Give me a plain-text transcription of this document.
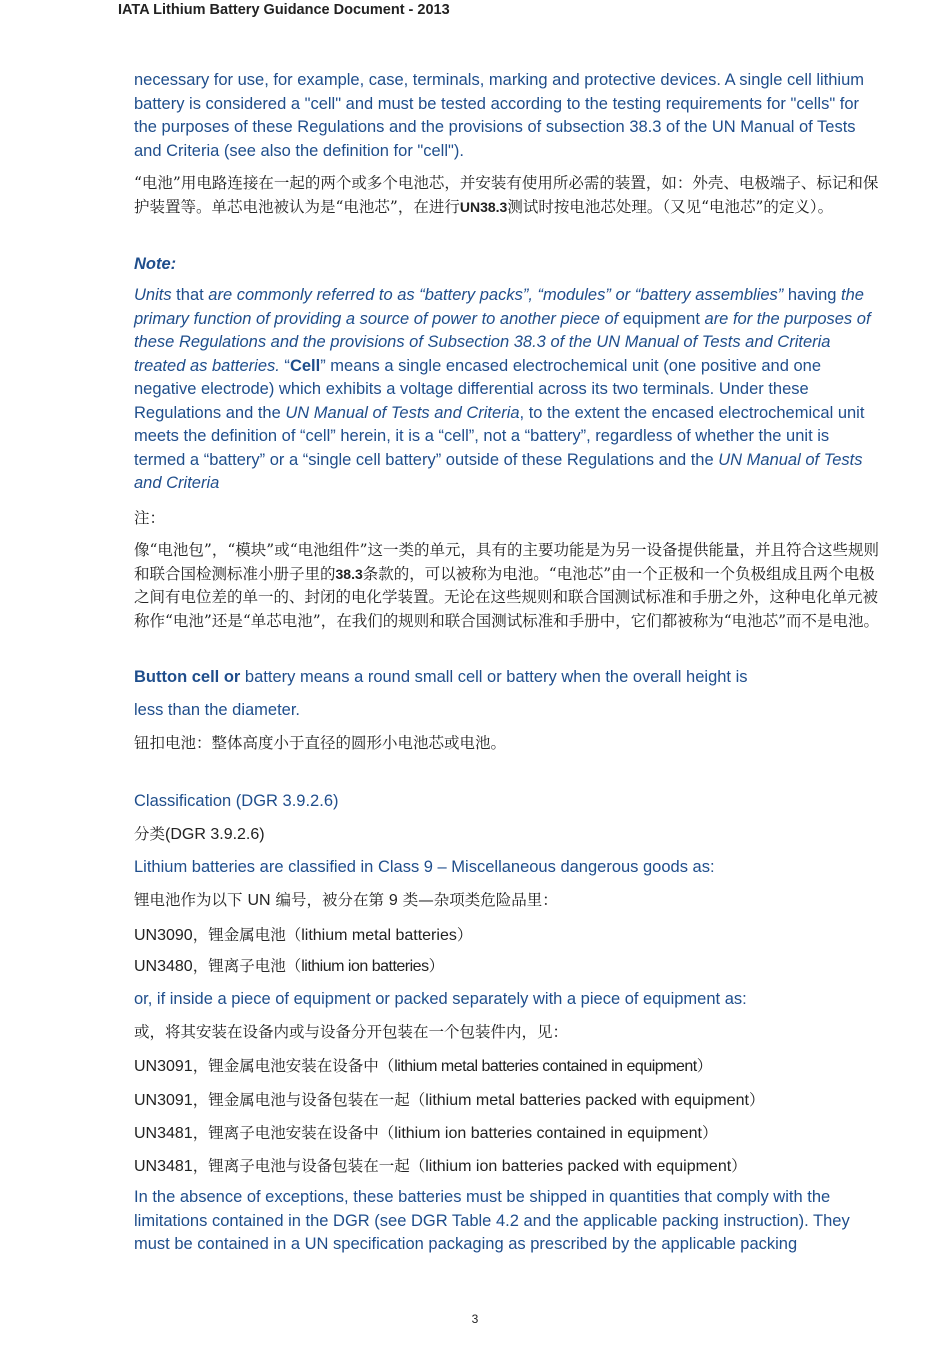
IATA Lithium Battery Guidance Document - 2013
necessary for use, for example, case, terminals, marking and protective devices. A single cell lithium battery is considered a "cell" and must be tested according to the testing requirements for "cells" for the purposes of these Regulations and the provisions of subsection 38.3 of the UN Manual of Tests and Criteria (see also the definition for "cell").
“电池”用电路连接在一起的两个或多个电池芯，并安装有使用所必需的装置，如：外壳、电极端子、标记和保护装置等。单芯电池被认为是“电池芯”，在进行UN38.3测试时按电池芯处理。（又见“电池芯”的定义）。
Note:
Units that are commonly referred to as “battery packs”, “modules” or “battery assemblies” having the primary function of providing a source of power to another piece of equipment are for the purposes of these Regulations and the provisions of Subsection 38.3 of the UN Manual of Tests and Criteria treated as batteries. “Cell” means a single encased electrochemical unit (one positive and one negative electrode) which exhibits a voltage differential across its two terminals. Under these Regulations and the UN Manual of Tests and Criteria, to the extent the encased electrochemical unit meets the definition of “cell” herein, it is a “cell”, not a “battery”, regardless of whether the unit is termed a “battery” or a “single cell battery” outside of these Regulations and the UN Manual of Tests and Criteria
注：
像“电池包”，“模块”或“电池组件”这一类的单元，具有的主要功能是为另一设备提供能量，并且符合这些规则和联合国检测标准小册子里的38.3条款的，可以被称为电池。“电池芯”由一个正极和一个负极组成且两个电极之间有电位差的单一的、封闭的电化学装置。无论在这些规则和联合国测试标准和手册之外，这种电化单元被称作“电池”还是“单芯电池”，在我们的规则和联合国测试标准和手册中，它们都被称为“电池芯”而不是电池。
Button cell or battery means a round small cell or battery when the overall height is
less than the diameter.
钮扣电池：整体高度小于直径的圆形小电池芯或电池。
Classification (DGR 3.9.2.6)
分类(DGR 3.9.2.6)
Lithium batteries are classified in Class 9 – Miscellaneous dangerous goods as:
锂电池作为以下 UN 编号，被分在第 9 类—杂项类危险品里：
UN3090，锂金属电池（lithium metal batteries）
UN3480，锂离子电池（lithium ion batteries）
or, if inside a piece of equipment or packed separately with a piece of equipment as:
或，将其安装在设备内或与设备分开包装在一个包装件内，见：
UN3091，锂金属电池安装在设备中（lithium metal batteries contained in equipment）
UN3091，锂金属电池与设备包装在一起（lithium metal batteries packed with equipment）
UN3481，锂离子电池安装在设备中（lithium ion batteries contained in equipment）
UN3481，锂离子电池与设备包装在一起（lithium ion batteries packed with equipment）
In the absence of exceptions, these batteries must be shipped in quantities that comply with the limitations contained in the DGR (see DGR Table 4.2 and the applicable packing instruction). They must be contained in a UN specification packaging as prescribed by the applicable packing
3
